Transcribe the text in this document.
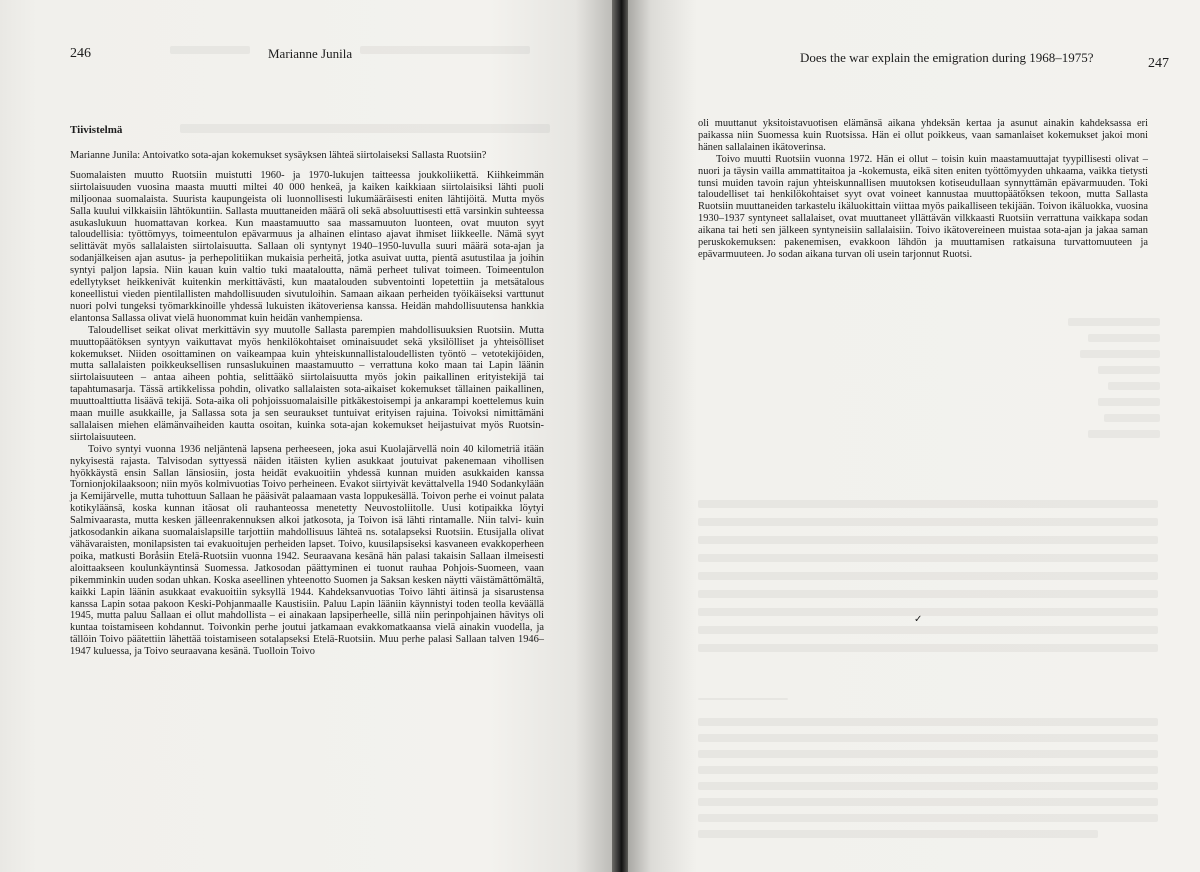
246	Marianne Junila
Tiivistelmä

Marianne Junila: Antoivatko sota-ajan kokemukset sysäyksen lähteä siirtolaiseksi Sallasta Ruotsiin?

Suomalaisten muutto Ruotsiin muistutti 1960- ja 1970-lukujen taitteessa joukkoliikettä. Kiihkeimmän siirtolaisuuden vuosina maasta muutti miltei 40 000 henkeä, ja kaiken kaikkiaan siirtolaisiksi lähti puoli miljoonaa suomalaista. Suurista kaupungeista oli luonnollisesti lukumääräisesti eniten lähtijöitä. Mutta myös Salla kuului vilkkaisiin lähtökuntiin. Sallasta muuttaneiden määrä oli sekä absoluuttisesti että varsinkin suhteessa asukaslukuun huomattavan korkea. Kun maastamuutto saa massamuuton luonteen, ovat muuton syyt taloudellisia: työttömyys, toimeentulon epävarmuus ja alhainen elintaso ajavat ihmiset liikkeelle. Nämä syyt selittävät myös sallalaisten siirtolaisuutta. Sallaan oli syntynyt 1940–1950-luvulla suuri määrä sota-ajan ja sodanjälkeisen ajan asutus- ja perhepolitiikan mukaisia perheitä, jotka asuivat uutta, pientä asutustilaa ja joihin syntyi paljon lapsia. Niin kauan kuin valtio tuki maataloutta, nämä perheet tulivat toimeen. Toimeentulon edellytykset heikkenivät kuitenkin merkittävästi, kun maatalouden subventointi lopetettiin ja metsätalous koneellistui vieden pientilallisten mahdollisuuden sivutuloihin. Samaan aikaan perheiden työikäiseksi varttunut nuori polvi tungeksi työmarkkinoille yhdessä lukuisten ikätoveriensa kanssa. Heidän mahdollisuutensa hankkia elantonsa Sallassa olivat vielä huonommat kuin heidän vanhempiensa.

Taloudelliset seikat olivat merkittävin syy muutolle Sallasta parempien mahdollisuuksien Ruotsiin. Mutta muuttopäätöksen syntyyn vaikuttavat myös henkilökohtaiset ominaisuudet sekä yksilölliset ja yhteisölliset kokemukset. Niiden osoittaminen on vaikeampaa kuin yhteiskunnallistaloudellisten työntö – vetotekijöiden, mutta sallalaisten poikkeuksellisen runsaslukuinen maastamuutto – verrattuna koko maan tai Lapin läänin siirtolaisuuteen – antaa aiheen pohtia, selittääkö siirtolaisuutta myös jokin paikallinen erityistekijä tai tapahtumasarja. Tässä artikkelissa pohdin, olivatko sallalaisten sota-aikaiset kokemukset tällainen paikallinen, muuttoalttiutta lisäävä tekijä. Sota-aika oli pohjoissuomalaisille pitkäkestoisempi ja ankarampi koettelemus kuin maan muille asukkaille, ja Sallassa sota ja sen seuraukset tuntuivat erityisen rajuina. Toivoksi nimittämäni sallalaisen miehen elämänvaiheiden kautta osoitan, kuinka sota-ajan kokemukset heijastuivat myös Ruotsin-siirtolaisuuteen.

Toivo syntyi vuonna 1936 neljäntenä lapsena perheeseen, joka asui Kuolajärvellä noin 40 kilometriä itään nykyisestä rajasta. Talvisodan syttyessä näiden itäisten kylien asukkaat joutuivat pakenemaan vihollisen hyökkäystä ensin Sallan länsiosiin, josta heidät evakuoitiin yhdessä kunnan muiden asukkaiden kanssa Tornionjokilaaksoon; niin myös kolmivuotias Toivo perheineen. Evakot siirtyivät kevättalvella 1940 Sodankylään ja Kemijärvelle, mutta tuhottuun Sallaan he pääsivät palaamaan vasta loppukesällä. Toivon perhe ei voinut palata kotikyläänsä, koska kunnan itäosat oli rauhanteossa menetetty Neuvostoliitolle. Uusi kotipaikka löytyi Salmivaarasta, mutta kesken jälleenrakennuksen alkoi jatkosota, ja Toivon isä lähti rintamalle. Niin talvi- kuin jatkosodankin aikana suomalaislapsille tarjottiin mahdollisuus lähteä ns. sotalapseksi Ruotsiin. Etusijalla olivat vähävaraisten, monilapsisten tai evakuoitujen perheiden lapset. Toivo, kuusilapsiseksi kasvaneen evakkoperheen poika, matkusti Boråsiin Etelä-Ruotsiin vuonna 1942. Seuraavana kesänä hän palasi takaisin Sallaan ilmeisesti aloittaakseen koulunkäyntinsä Suomessa. Jatkosodan päättyminen ei tuonut rauhaa Pohjois-Suomeen, vaan pikemminkin uuden sodan uhkan. Koska aseellinen yhteenotto Suomen ja Saksan kesken näytti väistämättömältä, kaikki Lapin läänin asukkaat evakuoitiin syksyllä 1944. Kahdeksanvuotias Toivo lähti äitinsä ja sisarustensa kanssa Lapin sotaa pakoon Keski-Pohjanmaalle Kaustisiin. Paluu Lapin lääniin käynnistyi toden teolla keväällä 1945, mutta paluu Sallaan ei ollut mahdollista – ei ainakaan lapsiperheelle, sillä niin perinpohjainen hävitys oli kuntaa toistamiseen kohdannut. Toivonkin perhe joutui jatkamaan evakkomatkaansa vielä ainakin vuodella, ja tällöin Toivo päätettiin lähettää toistamiseen sotalapseksi Etelä-Ruotsiin. Muu perhe palasi Sallaan talven 1946–1947 kuluessa, ja Toivo seuraavana kesänä. Tuolloin Toivo

Does the war explain the emigration during 1968–1975?	247

oli muuttanut yksitoistavuotisen elämänsä aikana yhdeksän kertaa ja asunut ainakin kahdeksassa eri paikassa niin Suomessa kuin Ruotsissa. Hän ei ollut poikkeus, vaan samanlaiset kokemukset jakoi moni hänen sallalainen ikätoverinsa.

Toivo muutti Ruotsiin vuonna 1972. Hän ei ollut – toisin kuin maastamuuttajat tyypillisesti olivat – nuori ja täysin vailla ammattitaitoa ja -kokemusta, eikä siten eniten työttömyyden uhkaama, vaikka tietysti tunsi muiden tavoin rajun yhteiskunnallisen muutoksen kotiseudullaan synnyttämän epävarmuuden. Toki taloudelliset tai henkilökohtaiset syyt ovat voineet kannustaa muuttopäätöksen tekoon, mutta Sallasta Ruotsiin muuttaneiden tarkastelu ikäluokittain viittaa myös paikalliseen tekijään. Toivon ikäluokka, vuosina 1930–1937 syntyneet sallalaiset, ovat muuttaneet yllättävän vilkkaasti Ruotsiin verrattuna vaikkapa sodan aikana tai heti sen jälkeen syntyneisiin sallalaisiin. Toivo ikätovereineen muistaa sota-ajan ja jakaa saman peruskokemuksen: pakenemisen, evakkoon lähdön ja muuttamisen ratkaisuna turvattomuuteen ja epävarmuuteen. Jo sodan aikana turvan oli usein tarjonnut Ruotsi.

✓
